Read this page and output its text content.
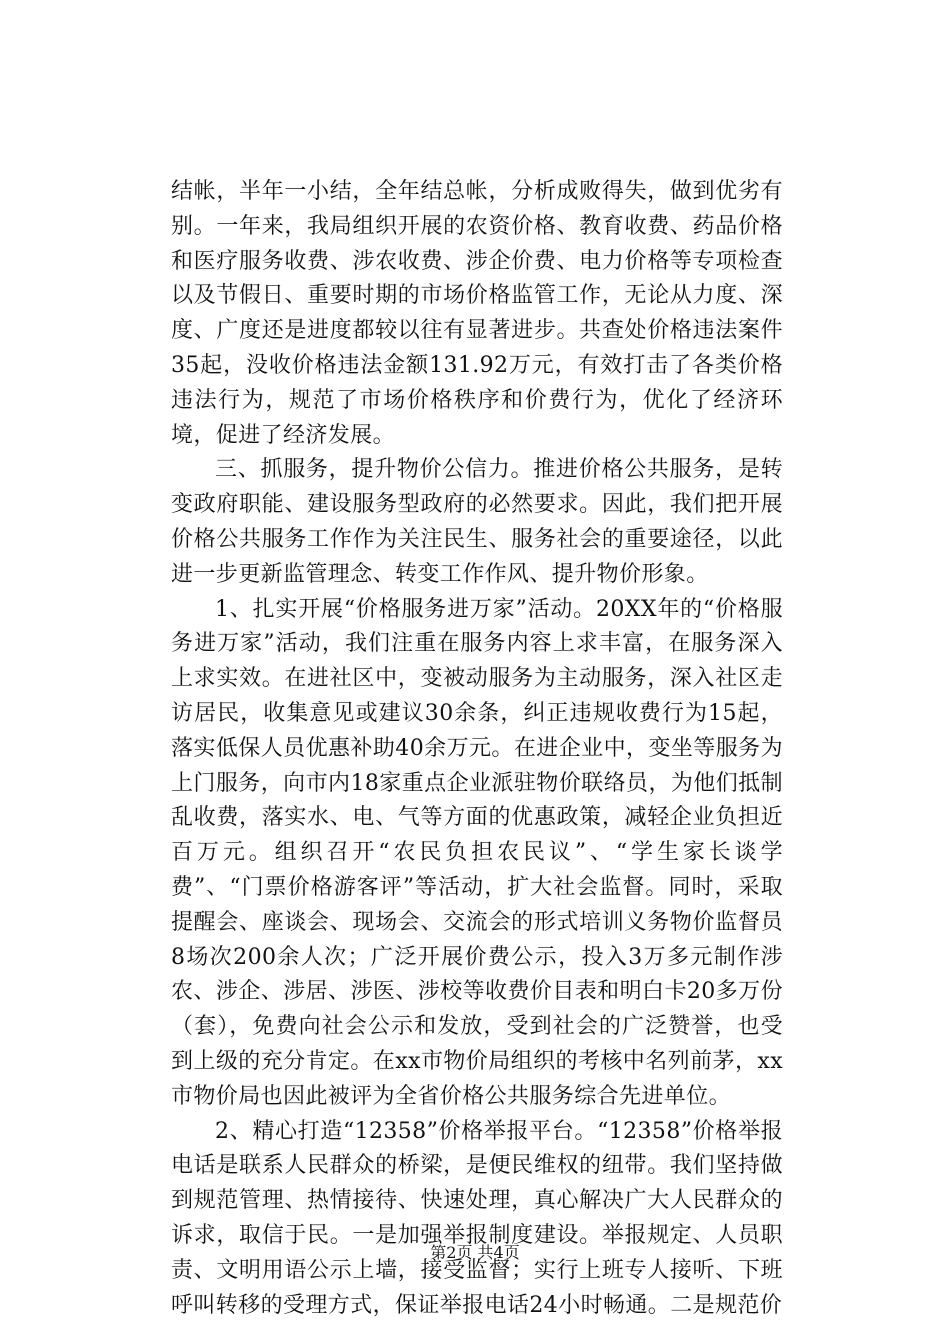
结帐，半年一小结，全年结总帐，分析成败得失，做到优劣有别。一年来，我局组织开展的农资价格、教育收费、药品价格和医疗服务收费、涉农收费、涉企价费、电力价格等专项检查以及节假日、重要时期的市场价格监管工作，无论从力度、深度、广度还是进度都较以往有显著进步。共查处价格违法案件35起，没收价格违法金额131.92万元，有效打击了各类价格违法行为，规范了市场价格秩序和价费行为，优化了经济环境，促进了经济发展。

三、抓服务，提升物价公信力。推进价格公共服务，是转变政府职能、建设服务型政府的必然要求。因此，我们把开展价格公共服务工作作为关注民生、服务社会的重要途径，以此进一步更新监管理念、转变工作作风、提升物价形象。

1、扎实开展“价格服务进万家”活动。20XX年的“价格服务进万家”活动，我们注重在服务内容上求丰富，在服务深入上求实效。在进社区中，变被动服务为主动服务，深入社区走访居民，收集意见或建议30余条，纠正违规收费行为15起，落实低保人员优惠补助40余万元。在进企业中，变坐等服务为上门服务，向市内18家重点企业派驻物价联络员，为他们抵制乱收费，落实水、电、气等方面的优惠政策，减轻企业负担近百万元。组织召开“农民负担农民议”、“学生家长谈学费”、“门票价格游客评”等活动，扩大社会监督。同时，采取提醒会、座谈会、现场会、交流会的形式培训义务物价监督员8场次200余人次；广泛开展价费公示，投入3万多元制作涉农、涉企、涉居、涉医、涉校等收费价目表和明白卡20多万份（套），免费向社会公示和发放，受到社会的广泛赞誉，也受到上级的充分肯定。在xx市物价局组织的考核中名列前茅，xx市物价局也因此被评为全省价格公共服务综合先进单位。

2、精心打造“12358”价格举报平台。“12358”价格举报电话是联系人民群众的桥梁，是便民维权的纽带。我们坚持做到规范管理、热情接待、快速处理，真心解决广大人民群众的诉求，取信于民。一是加强举报制度建设。举报规定、人员职责、文明用语公示上墙，接受监督；实行上班专人接听、下班呼叫转移的受理方式，保证举报电话24小时畅通。二是规范价

第2页 共4页
